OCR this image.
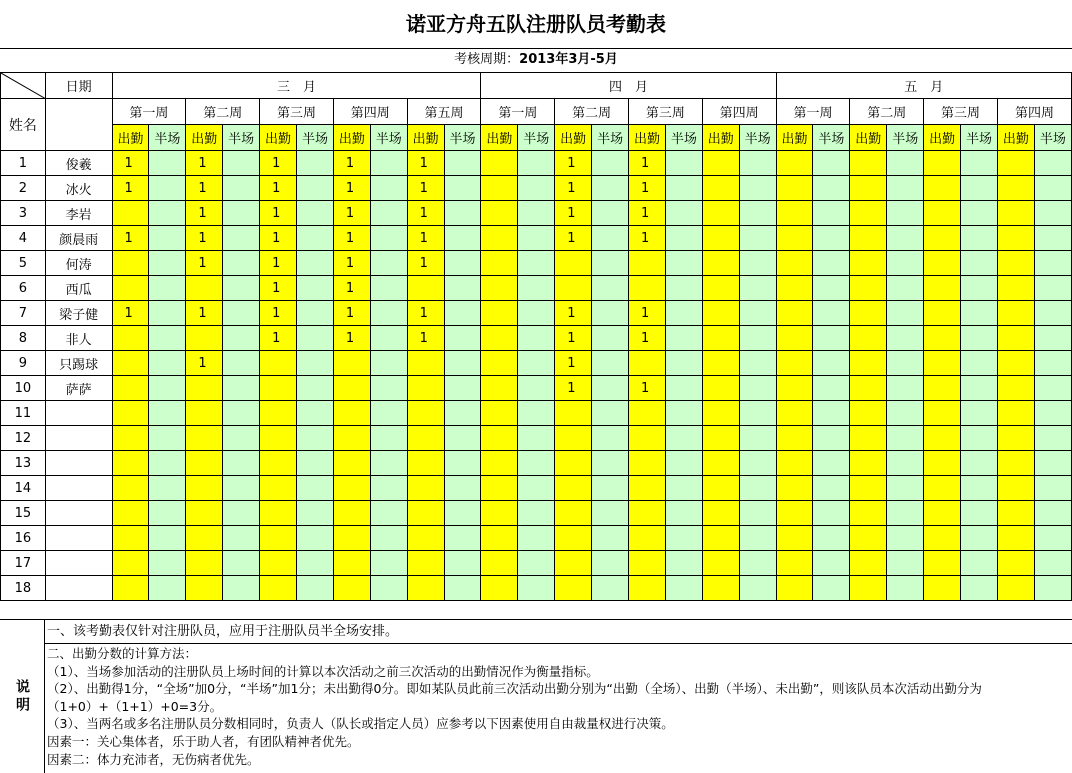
诺亚方舟五队注册队员考勤表
考核周期：2013年3月-5月
	日期	三　月										四　月								五　月							
姓名		第一周		第二周		第三周		第四周		第五周		第一周		第二周		第三周		第四周		第一周		第二周		第三周		第四周	
		出勤	半场	出勤	半场	出勤	半场	出勤	半场	出勤	半场	出勤	半场	出勤	半场	出勤	半场	出勤	半场	出勤	半场	出勤	半场	出勤	半场	出勤	半场
1	俊羲	1		1		1		1		1				1		1											
2	冰火	1		1		1		1		1				1		1											
3	李岩			1		1		1		1				1		1											
4	颜晨雨	1		1		1		1		1				1		1											
5	何涛			1		1		1		1																	
6	西瓜					1		1																			
7	梁子健	1		1		1		1		1				1		1											
8	非人					1		1		1				1		1											
9	只踢球			1										1													
10	萨萨													1		1											
11																											
12																											
13																											
14																											
15																											
16																											
17																											
18																											
说明
一、该考勤表仅针对注册队员，应用于注册队员半全场安排。
二、出勤分数的计算方法：
（1）、当场参加活动的注册队员上场时间的计算以本次活动之前三次活动的出勤情况作为衡量指标。
（2）、出勤得1分，“全场”加0分，“半场”加1分；未出勤得0分。即如某队员此前三次活动出勤分别为“出勤（全场）、出勤（半场）、未出勤”，则该队员本次活动出勤分为（1+0）+（1+1）+0=3分。
（3）、当两名或多名注册队员分数相同时，负责人（队长或指定人员）应参考以下因素使用自由裁量权进行决策。
因素一：关心集体者，乐于助人者，有团队精神者优先。
因素二：体力充沛者，无伤病者优先。
